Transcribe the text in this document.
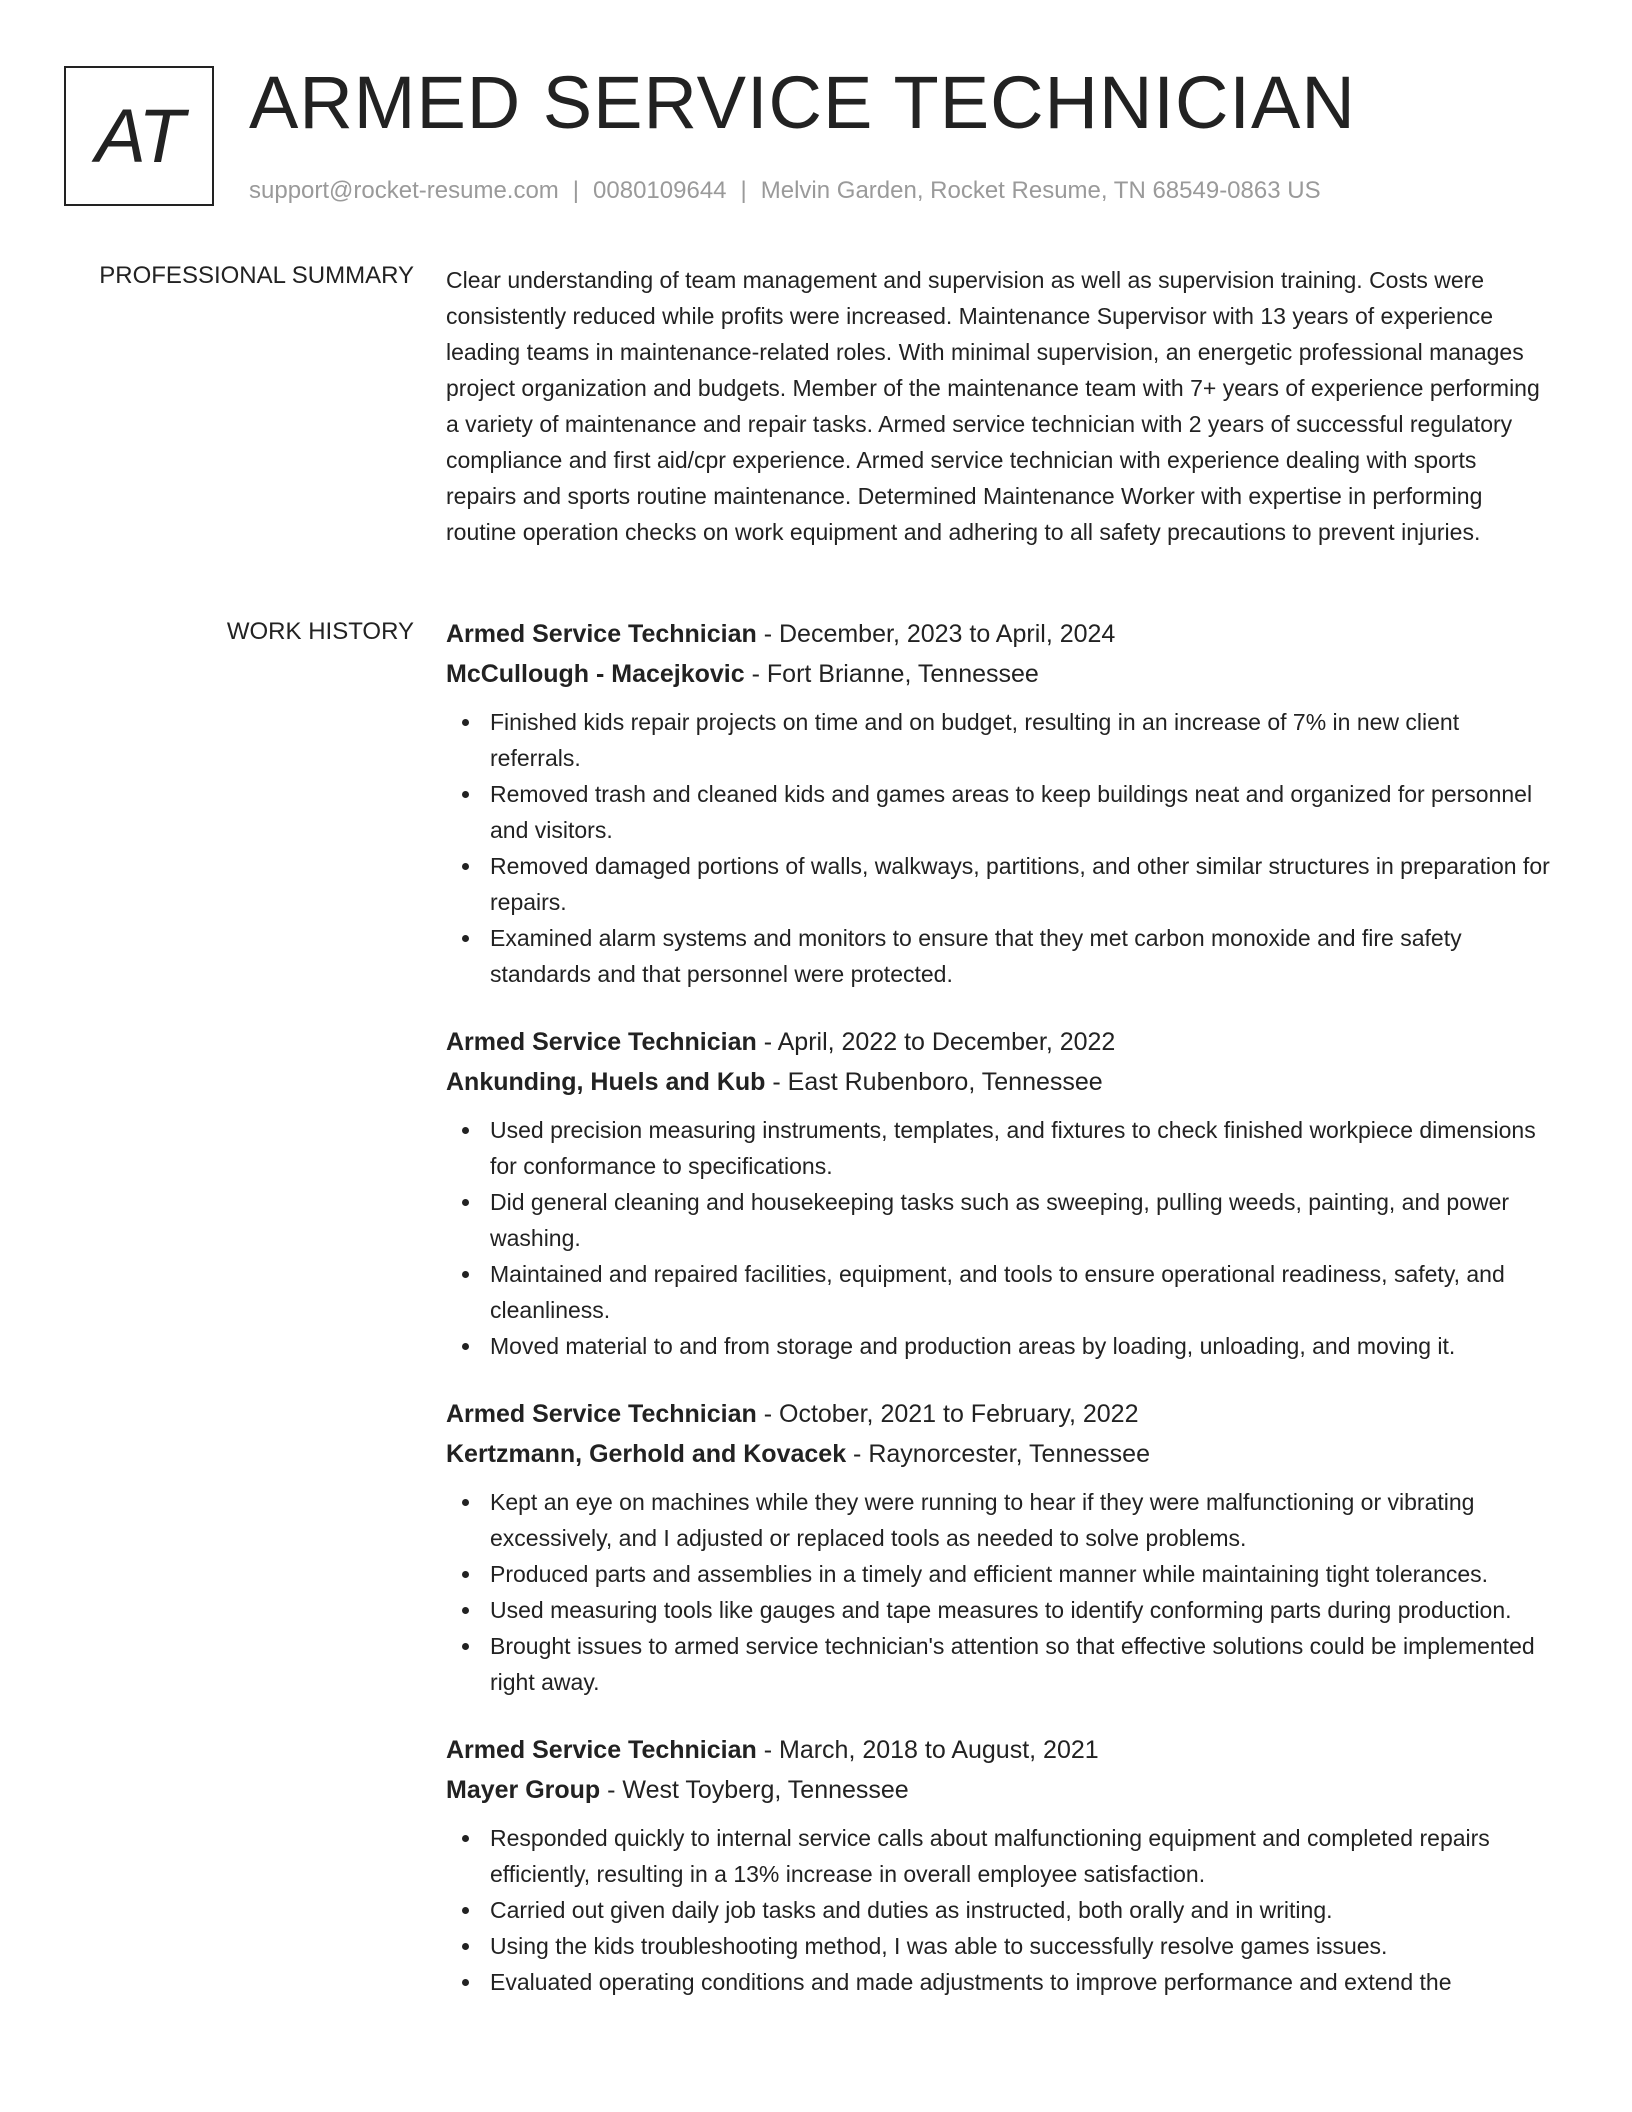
AT ARMED SERVICE TECHNICIAN
support@rocket-resume.com | 0080109644 | Melvin Garden, Rocket Resume, TN 68549-0863 US
PROFESSIONAL SUMMARY Clear understanding of team management and supervision as well as supervision training. Costs were consistently reduced while profits were increased. Maintenance Supervisor with 13 years of experience leading teams in maintenance-related roles. With minimal supervision, an energetic professional manages project organization and budgets. Member of the maintenance team with 7+ years of experience performing a variety of maintenance and repair tasks. Armed service technician with 2 years of successful regulatory compliance and first aid/cpr experience. Armed service technician with experience dealing with sports repairs and sports routine maintenance. Determined Maintenance Worker with expertise in performing routine operation checks on work equipment and adhering to all safety precautions to prevent injuries.

WORK HISTORY Armed Service Technician - December, 2023 to April, 2024
McCullough - Macejkovic - Fort Brianne, Tennessee
Finished kids repair projects on time and on budget, resulting in an increase of 7% in new client referrals.
Removed trash and cleaned kids and games areas to keep buildings neat and organized for personnel and visitors.
Removed damaged portions of walls, walkways, partitions, and other similar structures in preparation for repairs.
Examined alarm systems and monitors to ensure that they met carbon monoxide and fire safety standards and that personnel were protected.
Armed Service Technician - April, 2022 to December, 2022
Ankunding, Huels and Kub - East Rubenboro, Tennessee
Used precision measuring instruments, templates, and fixtures to check finished workpiece dimensions for conformance to specifications.
Did general cleaning and housekeeping tasks such as sweeping, pulling weeds, painting, and power washing.
Maintained and repaired facilities, equipment, and tools to ensure operational readiness, safety, and cleanliness.
Moved material to and from storage and production areas by loading, unloading, and moving it.
Armed Service Technician - October, 2021 to February, 2022
Kertzmann, Gerhold and Kovacek - Raynorcester, Tennessee
Kept an eye on machines while they were running to hear if they were malfunctioning or vibrating excessively, and I adjusted or replaced tools as needed to solve problems.
Produced parts and assemblies in a timely and efficient manner while maintaining tight tolerances.
Used measuring tools like gauges and tape measures to identify conforming parts during production.
Brought issues to armed service technician's attention so that effective solutions could be implemented right away.
Armed Service Technician - March, 2018 to August, 2021
Mayer Group - West Toyberg, Tennessee
Responded quickly to internal service calls about malfunctioning equipment and completed repairs efficiently, resulting in a 13% increase in overall employee satisfaction.
Carried out given daily job tasks and duties as instructed, both orally and in writing.
Using the kids troubleshooting method, I was able to successfully resolve games issues.
Evaluated operating conditions and made adjustments to improve performance and extend the
